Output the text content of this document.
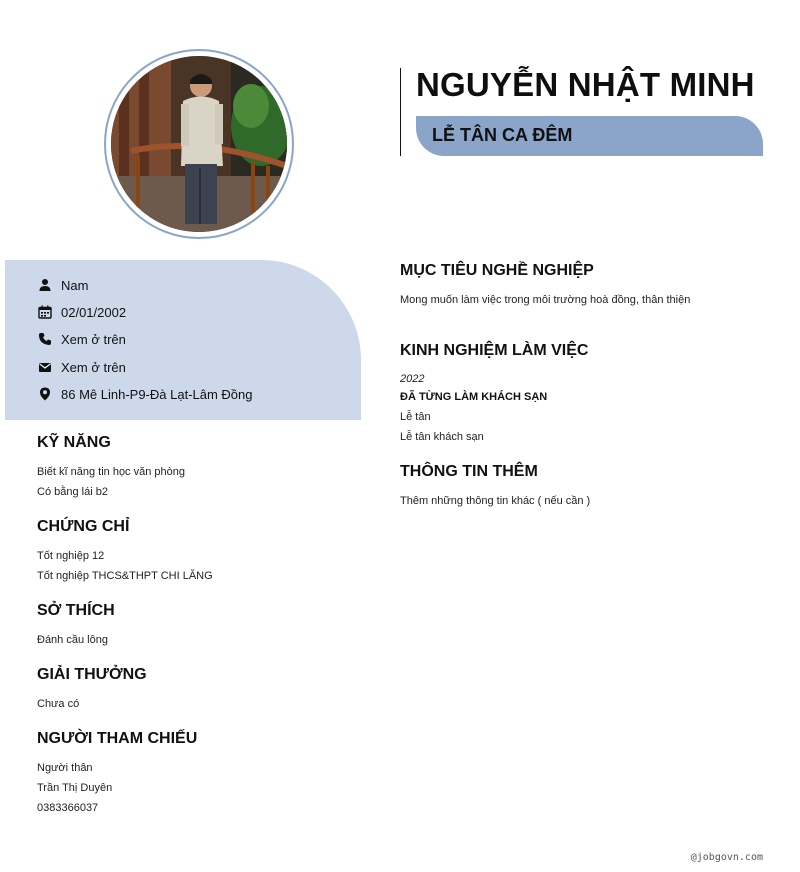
NGUYỄN NHẬT MINH
LỄ TÂN CA ĐÊM
Nam
02/01/2002
Xem ở trên
Xem ở trên
86 Mê Linh-P9-Đà Lạt-Lâm Đồng
KỸ NĂNG
Biết kĩ năng tin học văn phòng
Có bằng lái b2
CHỨNG CHỈ
Tốt nghiệp 12
Tốt nghiệp THCS&THPT CHI LĂNG
SỞ THÍCH
Đánh cầu lông
GIẢI THƯỞNG
Chưa có
NGƯỜI THAM CHIẾU
Người thân
Trần Thị Duyên
0383366037
MỤC TIÊU NGHỀ NGHIỆP
Mong muốn làm việc trong môi trường hoà đồng, thân thiện
KINH NGHIỆM LÀM VIỆC
2022
ĐÃ TỪNG LÀM KHÁCH SẠN
Lễ tân
Lễ tân khách sạn
THÔNG TIN THÊM
Thêm những thông tin khác ( nếu cần )
@jobgovn.com
